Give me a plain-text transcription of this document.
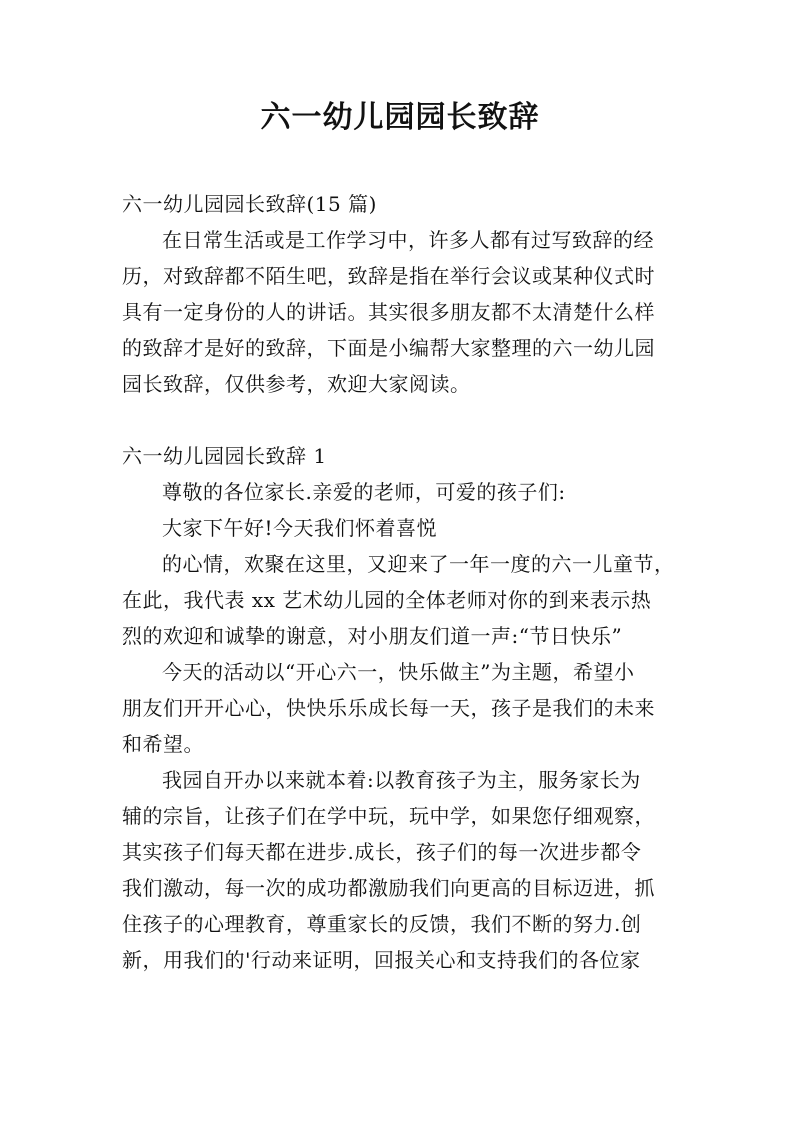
六一幼儿园园长致辞

六一幼儿园园长致辞(15 篇)

在日常生活或是工作学习中，许多人都有过写致辞的经

历，对致辞都不陌生吧，致辞是指在举行会议或某种仪式时

具有一定身份的人的讲话。其实很多朋友都不太清楚什么样

的致辞才是好的致辞，下面是小编帮大家整理的六一幼儿园

园长致辞，仅供参考，欢迎大家阅读。

六一幼儿园园长致辞 1

尊敬的各位家长.亲爱的老师，可爱的孩子们:

大家下午好!今天我们怀着喜悦

的心情，欢聚在这里，又迎来了一年一度的六一儿童节，

在此，我代表 xx 艺术幼儿园的全体老师对你的到来表示热

烈的欢迎和诚挚的谢意，对小朋友们道一声:“节日快乐”

今天的活动以“开心六一，快乐做主”为主题，希望小

朋友们开开心心，快快乐乐成长每一天，孩子是我们的未来

和希望。

我园自开办以来就本着:以教育孩子为主，服务家长为

辅的宗旨，让孩子们在学中玩，玩中学，如果您仔细观察，

其实孩子们每天都在进步.成长，孩子们的每一次进步都令

我们激动，每一次的成功都激励我们向更高的目标迈进，抓

住孩子的心理教育，尊重家长的反馈，我们不断的努力.创

新，用我们的'行动来证明，回报关心和支持我们的各位家
